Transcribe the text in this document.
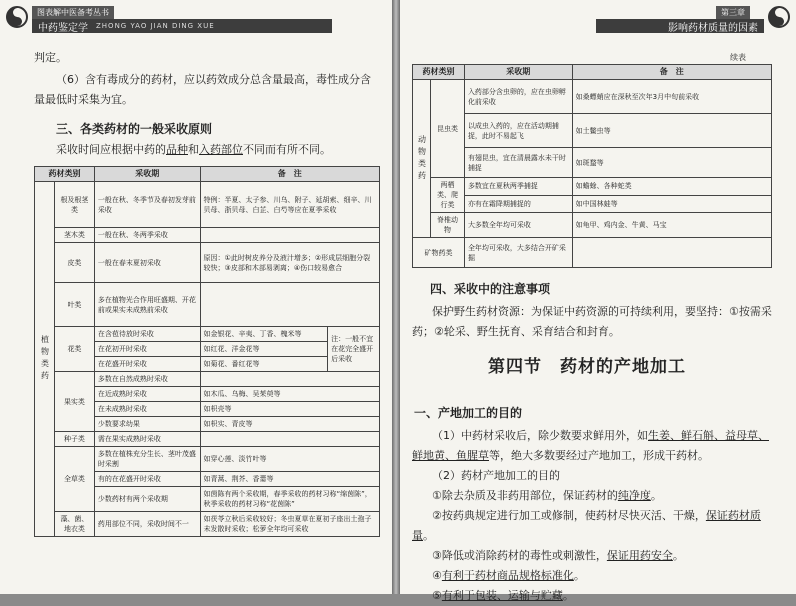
图表解中医备考丛书
中药鉴定学 ZHONG YAO JIAN DING XUE
判定。
（6）含有毒成分的药材，应以药效成分总含量最高，毒性成分含量最低时采集为宜。
三、各类药材的一般采收原则
采收时间应根据中药的品种和入药部位不同而有所不同。
药材类别		采收期	备　注	
植物类药	根及根茎类	一般在秋、冬季节及春初发芽前采收	特例：半夏、太子参、川乌、附子、延胡索、细辛、川贝母、浙贝母、白芷、白芍等应在夏季采收	
	茎木类	一般在秋、冬两季采收		
	皮类	一般在春末夏初采收	原因：①此时树皮养分及液汁增多；②形成层细胞分裂较快；③皮部和木部易剥离；④伤口较易愈合	
	叶类	多在植物光合作用旺盛期、开花前或果实未成熟前采收		
	花类	在含苞待放时采收	如金银花、辛夷、丁香、槐米等	注：一般不宜在花完全盛开后采收
		在花初开时采收	如红花、洋金花等	
		在花盛开时采收	如菊花、番红花等	
	果实类	多数在自然成熟时采收		
		在近成熟时采收	如木瓜、乌梅、吴茱萸等	
		在未成熟时采收	如枳壳等	
		少数要求幼果	如枳实、青皮等	
	种子类	需在果实成熟时采收		
	全草类	多数在植株充分生长、茎叶茂盛时采割	如穿心莲、淡竹叶等	
		有的在花盛开时采收	如青蒿、荆芥、香薷等	
		少数药材有两个采收期	如茵陈有两个采收期，春季采收的药材习称“绵茵陈”，秋季采收的药材习称“花茵陈”	
	藻、菌、地衣类	药用部位不同，采收时间不一	如茯苓立秋后采收较好；冬虫夏草在夏初子座出土孢子未发散时采收；松萝全年均可采收	
第三章
影响药材质量的因素
续表
药材类别		采收期	备　注
动物类药	昆虫类	入药部分含虫卵的，应在虫卵孵化前采收	如桑螵蛸应在深秋至次年3月中旬前采收
		以成虫入药的，应在活动期捕捉，此时不易起飞	如土鳖虫等
		有翅昆虫，宜在清晨露水未干时捕捉	如斑蝥等
	两栖类、爬行类	多数宜在夏秋两季捕捉	如蟾蜍、各种蛇类
		亦有在霜降期捕捉的	如中国林蛙等
	脊椎动物	大多数全年均可采收	如龟甲、鸡内金、牛黄、马宝
矿物药类		全年均可采收，大多结合开矿采掘	
四、采收中的注意事项
保护野生药材资源：为保证中药资源的可持续利用，要坚持：①按需采药；②轮采、野生抚育、采育结合和封育。
第四节　药材的产地加工
一、产地加工的目的
（1）中药材采收后，除少数要求鲜用外，如生姜、鲜石斛、益母草、鲜地黄、鱼腥草等，绝大多数要经过产地加工，形成干药材。
（2）药材产地加工的目的
①除去杂质及非药用部位，保证药材的纯净度。
②按药典规定进行加工或修制，使药材尽快灭活、干燥，保证药材质量。
③降低或消除药材的毒性或刺激性，保证用药安全。
④有利于药材商品规格标准化。
⑤有利于包装、运输与贮藏。
